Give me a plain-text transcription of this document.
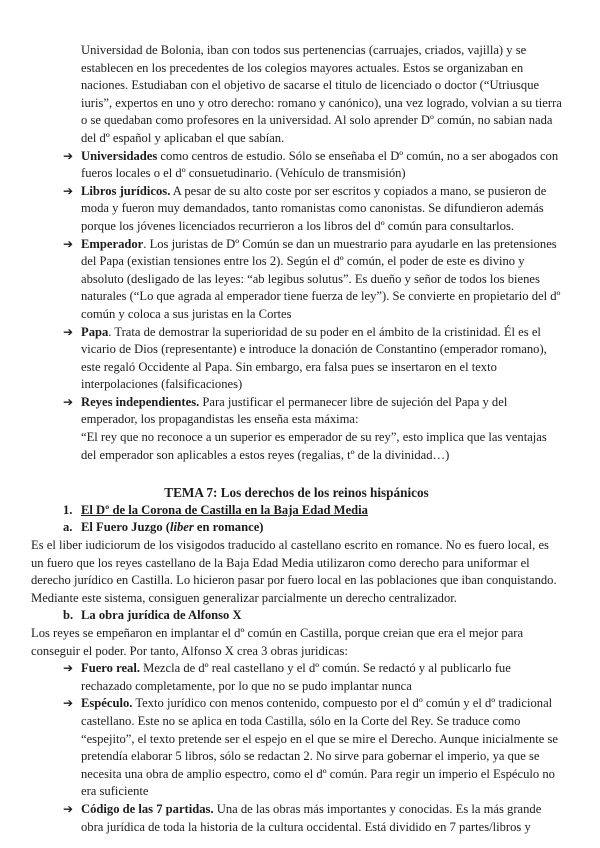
Universidad de Bolonia, iban con todos sus pertenencias (carruajes, criados, vajilla) y se establecen en los precedentes de los colegios mayores actuales. Estos se organizaban en naciones. Estudiaban con el objetivo de sacarse el titulo de licenciado o doctor (“Utriusque iuris”, expertos en uno y otro derecho: romano y canónico), una vez logrado, volvian a su tierra o se quedaban como profesores en la universidad. Al solo aprender Dº común, no sabian nada del dº español y aplicaban el que sabían.

➔ Universidades como centros de estudio. Sólo se enseñaba el Dº común, no a ser abogados con fueros locales o el dº consuetudinario. (Vehículo de transmisión)
➔ Libros jurídicos. A pesar de su alto coste por ser escritos y copiados a mano, se pusieron de moda y fueron muy demandados, tanto romanistas como canonistas. Se difundieron además porque los jóvenes licenciados recurrieron a los libros del dº común para consultarlos.
➔ Emperador. Los juristas de Dº Común se dan un muestrario para ayudarle en las pretensiones del Papa (existian tensiones entre los 2). Según el dº común, el poder de este es divino y absoluto (desligado de las leyes: “ab legibus solutus”. Es dueño y señor de todos los bienes naturales (“Lo que agrada al emperador tiene fuerza de ley”). Se convierte en propietario del dº común y coloca a sus juristas en la Cortes
➔ Papa. Trata de demostrar la superioridad de su poder en el ámbito de la cristinidad. Él es el vicario de Dios (representante) e introduce la donación de Constantino (emperador romano), este regaló Occidente al Papa. Sin embargo, era falsa pues se insertaron en el texto interpolaciones (falsificaciones)
➔ Reyes independientes. Para justificar el permanecer libre de sujeción del Papa y del emperador, los propagandistas les enseña esta máxima:
“El rey que no reconoce a un superior es emperador de su rey”, esto implica que las ventajas del emperador son aplicables a estos reyes (regalias, tº de la divinidad…)

TEMA 7: Los derechos de los reinos hispánicos

1. El Dº de la Corona de Castilla en la Baja Edad Media
a. El Fuero Juzgo (liber en romance)

Es el liber iudiciorum de los visigodos traducido al castellano escrito en romance. No es fuero local, es un fuero que los reyes castellano de la Baja Edad Media utilizaron como derecho para uniformar el derecho jurídico en Castilla. Lo hicieron pasar por fuero local en las poblaciones que iban conquistando. Mediante este sistema, consiguen generalizar parcialmente un derecho centralizador.

b. La obra jurídica de Alfonso X

Los reyes se empeñaron en implantar el dº común en Castilla, porque creian que era el mejor para conseguir el poder. Por tanto, Alfonso X crea 3 obras juridicas:

➔ Fuero real. Mezcla de dº real castellano y el dº común. Se redactó y al publicarlo fue rechazado completamente, por lo que no se pudo implantar nunca
➔ Espéculo. Texto jurídico con menos contenido, compuesto por el dº común y el dº tradicional castellano. Este no se aplica en toda Castilla, sólo en la Corte del Rey. Se traduce como “espejito”, el texto pretende ser el espejo en el que se mire el Derecho. Aunque inicialmente se pretendía elaborar 5 libros, sólo se redactan 2. No sirve para gobernar el imperio, ya que se necesita una obra de amplio espectro, como el dº común. Para regir un imperio el Espéculo no era suficiente
➔ Código de las 7 partidas. Una de las obras más importantes y conocidas. Es la más grande obra jurídica de toda la historia de la cultura occidental. Está dividido en 7 partes/libros y
